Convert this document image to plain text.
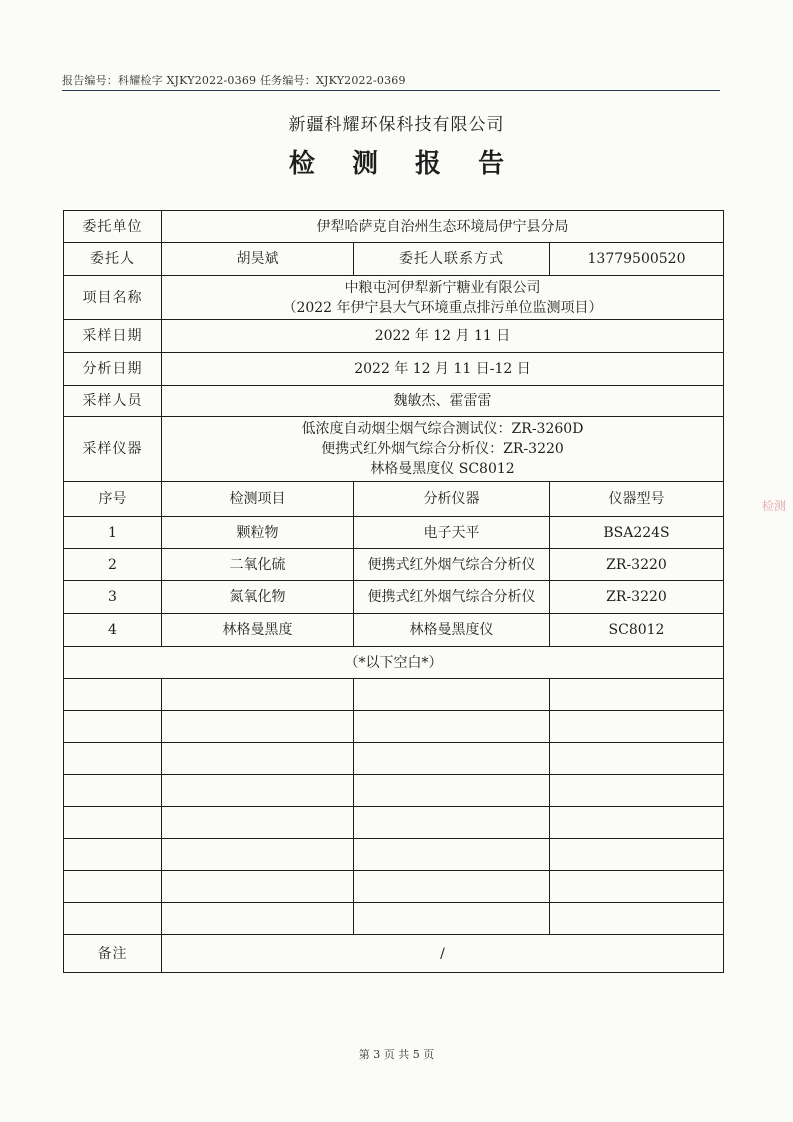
报告编号：科耀检字 XJKY2022-0369 任务编号：XJKY2022-0369
新疆科耀环保科技有限公司
检 测 报 告
委托单位	伊犁哈萨克自治州生态环境局伊宁县分局		
委托人	胡昊斌	委托人联系方式	13779500520
项目名称	中粮屯河伊犁新宁糖业有限公司
（2022 年伊宁县大气环境重点排污单位监测项目）		

采样日期	2022 年 12 月 11 日		
分析日期	2022 年 12 月 11 日-12 日		
采样人员	魏敏杰、霍雷雷		
采样仪器	低浓度自动烟尘烟气综合测试仪：ZR-3260D
便携式红外烟气综合分析仪：ZR-3220
林格曼黑度仪 SC8012		

序号	检测项目	分析仪器	仪器型号
1	颗粒物	电子天平	BSA224S
2	二氧化硫	便携式红外烟气综合分析仪	ZR-3220
3	氮氧化物	便携式红外烟气综合分析仪	ZR-3220
4	林格曼黑度	林格曼黑度仪	SC8012
（*以下空白*）			

备注	/		
第 3 页 共 5 页
检测
